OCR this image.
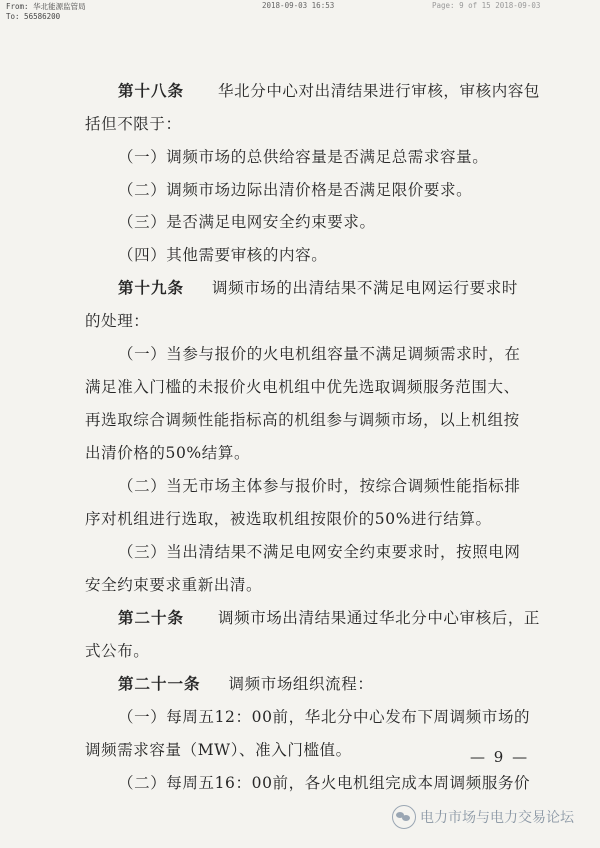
From: 华北能源监管局
To: 56586200
2018-09-03 16:53	Page: 9 of 15 2018-09-03
第十八条 华北分中心对出清结果进行审核，审核内容包
括但不限于：
（一）调频市场的总供给容量是否满足总需求容量。
（二）调频市场边际出清价格是否满足限价要求。
（三）是否满足电网安全约束要求。
（四）其他需要审核的内容。
第十九条 调频市场的出清结果不满足电网运行要求时
的处理：
（一）当参与报价的火电机组容量不满足调频需求时，在
满足准入门槛的未报价火电机组中优先选取调频服务范围大、
再选取综合调频性能指标高的机组参与调频市场，以上机组按
出清价格的50%结算。
（二）当无市场主体参与报价时，按综合调频性能指标排
序对机组进行选取，被选取机组按限价的50%进行结算。
（三）当出清结果不满足电网安全约束要求时，按照电网
安全约束要求重新出清。
第二十条 调频市场出清结果通过华北分中心审核后，正
式公布。
第二十一条 调频市场组织流程：
（一）每周五12：00前，华北分中心发布下周调频市场的
调频需求容量（MW）、准入门槛值。
（二）每周五16：00前，各火电机组完成本周调频服务价
— 9 —
电力市场与电力交易论坛
